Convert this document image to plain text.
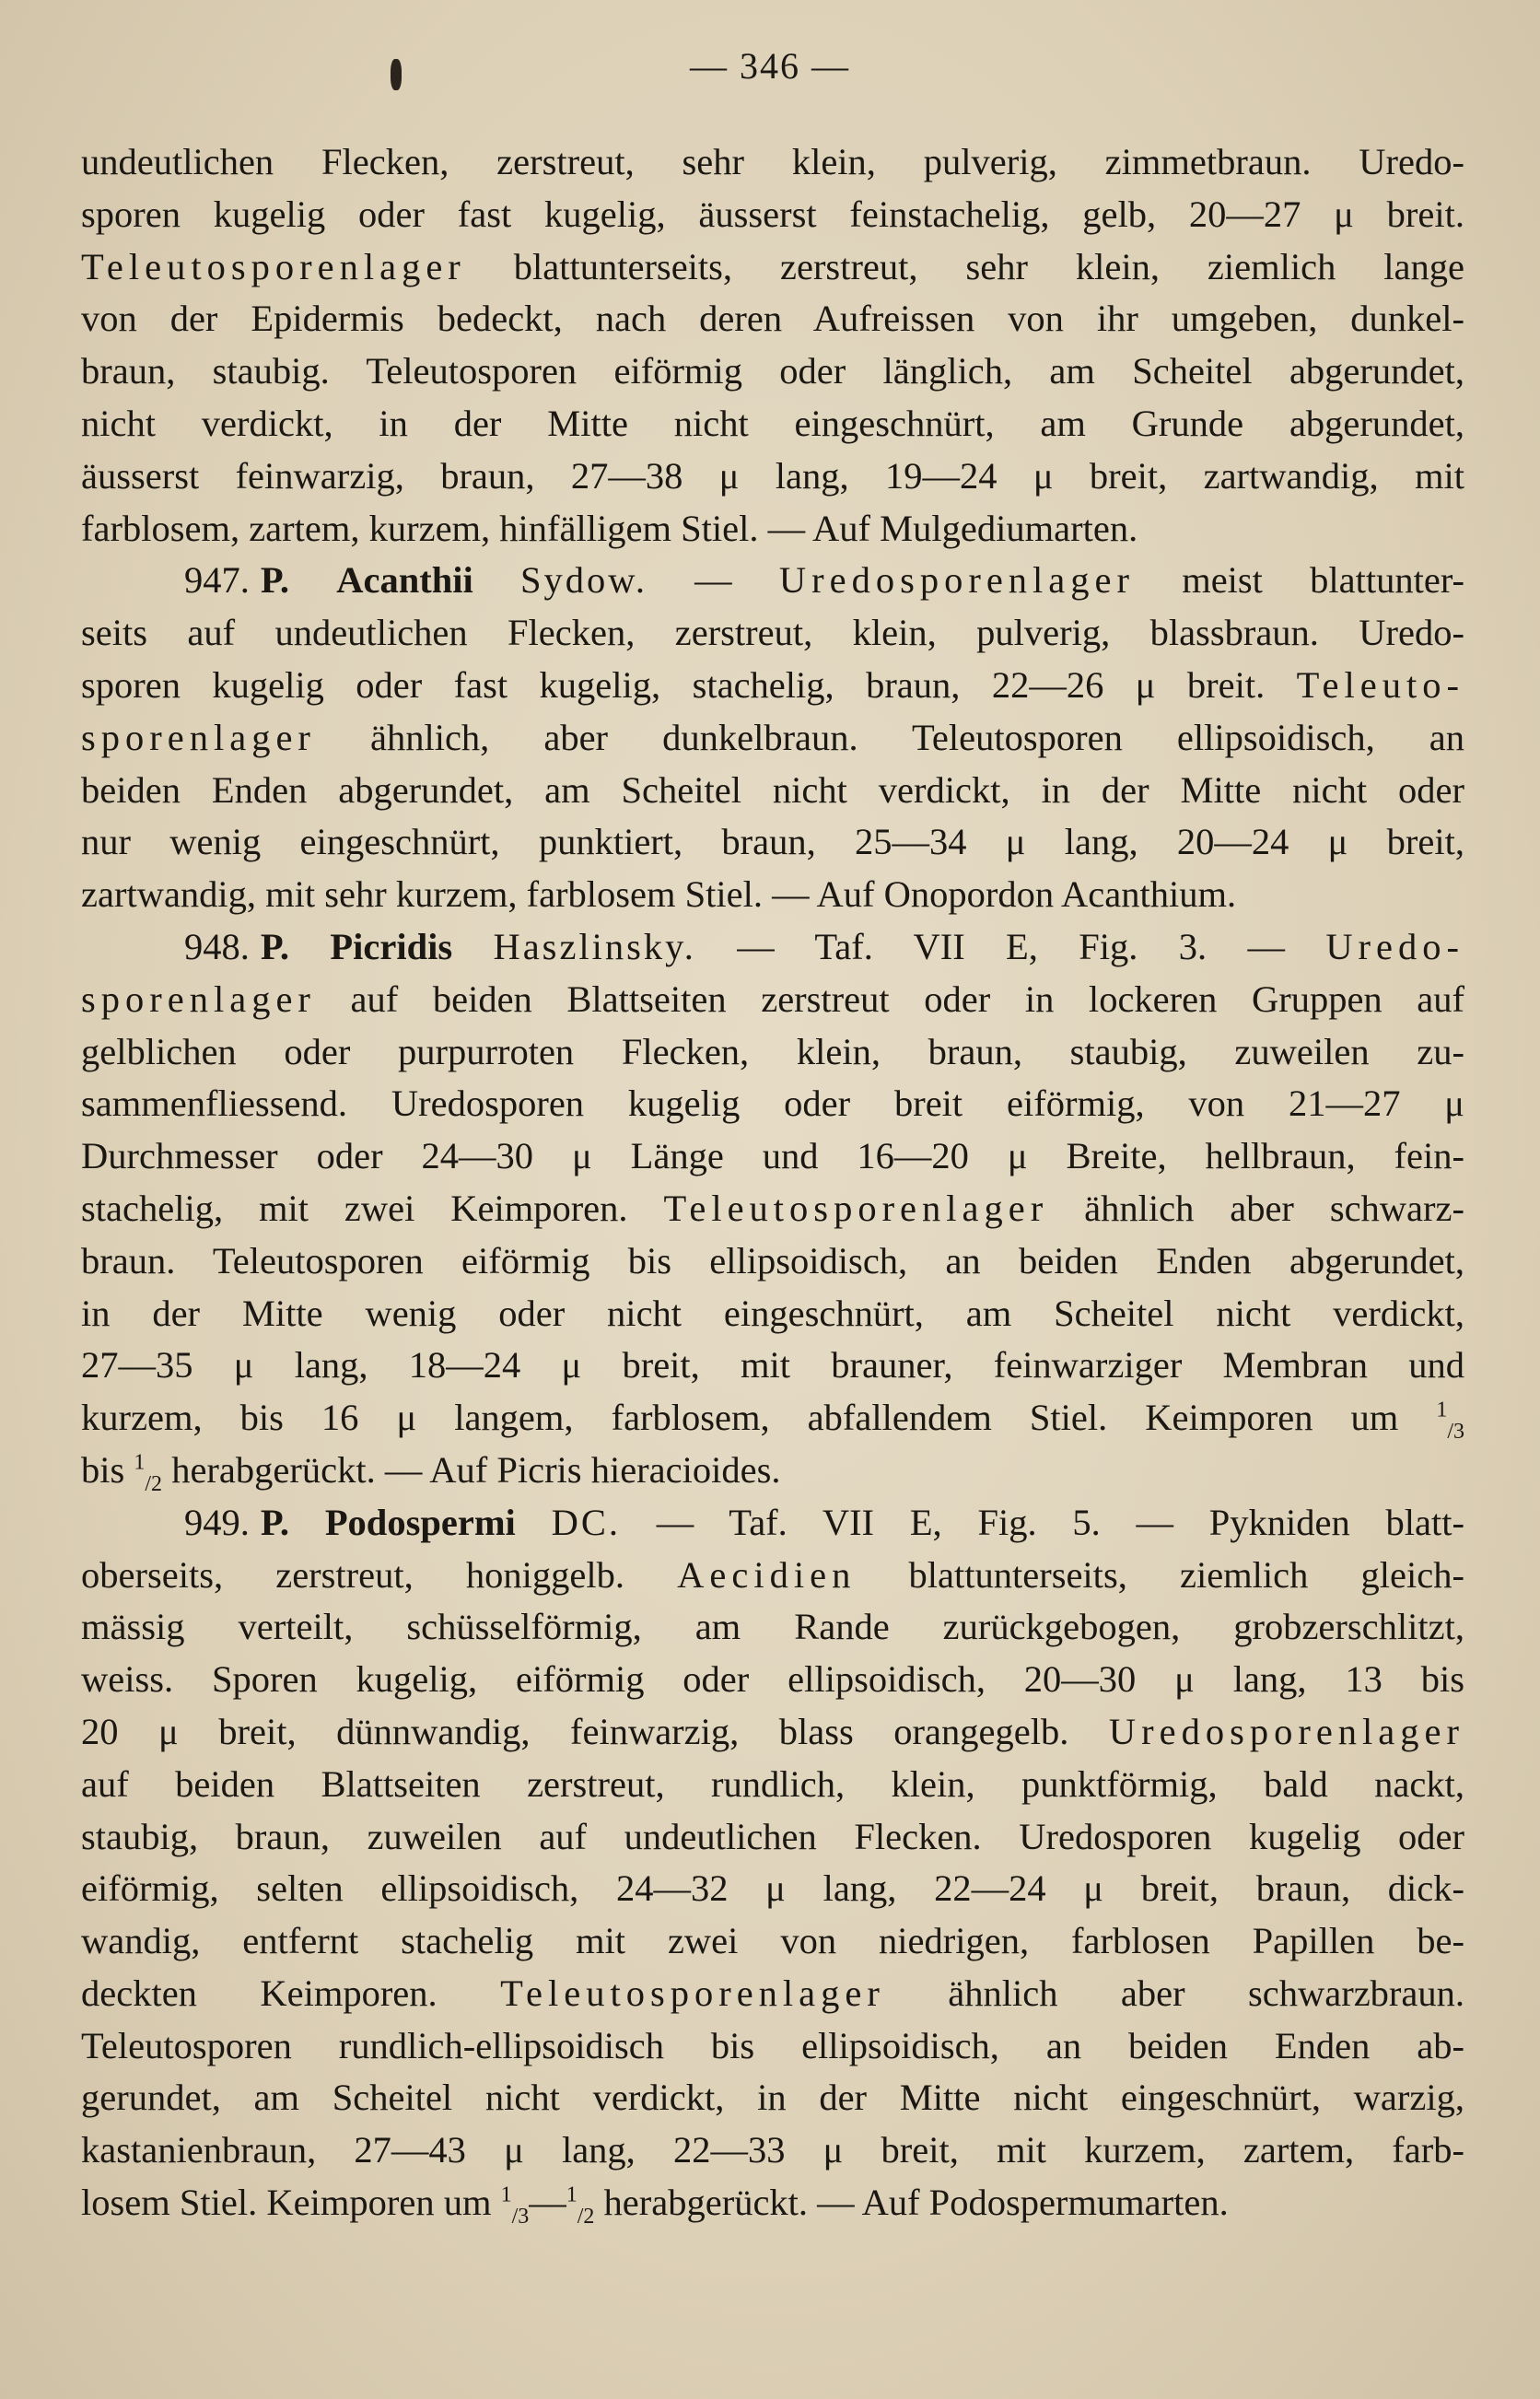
— 346 —

undeutlichen Flecken, zerstreut, sehr klein, pulverig, zimmetbraun. Uredo-

sporen kugelig oder fast kugelig, äusserst feinstachelig, gelb, 20—27 μ breit.

Teleutosporenlager blattunterseits, zerstreut, sehr klein, ziemlich lange

von der Epidermis bedeckt, nach deren Aufreissen von ihr umgeben, dunkel-

braun, staubig. Teleutosporen eiförmig oder länglich, am Scheitel abgerundet,

nicht verdickt, in der Mitte nicht eingeschnürt, am Grunde abgerundet,

äusserst feinwarzig, braun, 27—38 μ lang, 19—24 μ breit, zartwandig, mit

farblosem, zartem, kurzem, hinfälligem Stiel. — Auf Mulgediumarten.

947. P. Acanthii Sydow. — Uredosporenlager meist blattunter-

seits auf undeutlichen Flecken, zerstreut, klein, pulverig, blassbraun. Uredo-

sporen kugelig oder fast kugelig, stachelig, braun, 22—26 μ breit. Teleuto-

sporenlager ähnlich, aber dunkelbraun. Teleutosporen ellipsoidisch, an

beiden Enden abgerundet, am Scheitel nicht verdickt, in der Mitte nicht oder

nur wenig eingeschnürt, punktiert, braun, 25—34 μ lang, 20—24 μ breit,

zartwandig, mit sehr kurzem, farblosem Stiel. — Auf Onopordon Acanthium.

948. P. Picridis Haszlinsky. — Taf. VII E, Fig. 3. — Uredo-

sporenlager auf beiden Blattseiten zerstreut oder in lockeren Gruppen auf

gelblichen oder purpurroten Flecken, klein, braun, staubig, zuweilen zu-

sammenfliessend. Uredosporen kugelig oder breit eiförmig, von 21—27 μ

Durchmesser oder 24—30 μ Länge und 16—20 μ Breite, hellbraun, fein-

stachelig, mit zwei Keimporen. Teleutosporenlager ähnlich aber schwarz-

braun. Teleutosporen eiförmig bis ellipsoidisch, an beiden Enden abgerundet,

in der Mitte wenig oder nicht eingeschnürt, am Scheitel nicht verdickt,

27—35 μ lang, 18—24 μ breit, mit brauner, feinwarziger Membran und

kurzem, bis 16 μ langem, farblosem, abfallendem Stiel. Keimporen um $^1_{/3}$

bis $^1_{/2}$ herabgerückt. — Auf Picris hieracioides.

949. P. Podospermi DC. — Taf. VII E, Fig. 5. — Pykniden blatt-

oberseits, zerstreut, honiggelb. Aecidien blattunterseits, ziemlich gleich-

mässig verteilt, schüsselförmig, am Rande zurückgebogen, grobzerschlitzt,

weiss. Sporen kugelig, eiförmig oder ellipsoidisch, 20—30 μ lang, 13 bis

20 μ breit, dünnwandig, feinwarzig, blass orangegelb. Uredosporenlager

auf beiden Blattseiten zerstreut, rundlich, klein, punktförmig, bald nackt,

staubig, braun, zuweilen auf undeutlichen Flecken. Uredosporen kugelig oder

eiförmig, selten ellipsoidisch, 24—32 μ lang, 22—24 μ breit, braun, dick-

wandig, entfernt stachelig mit zwei von niedrigen, farblosen Papillen be-

deckten Keimporen. Teleutosporenlager ähnlich aber schwarzbraun.

Teleutosporen rundlich-ellipsoidisch bis ellipsoidisch, an beiden Enden ab-

gerundet, am Scheitel nicht verdickt, in der Mitte nicht eingeschnürt, warzig,

kastanienbraun, 27—43 μ lang, 22—33 μ breit, mit kurzem, zartem, farb-

losem Stiel. Keimporen um $^1_{/3}$—$^1_{/2}$ herabgerückt. — Auf Podospermumarten.
